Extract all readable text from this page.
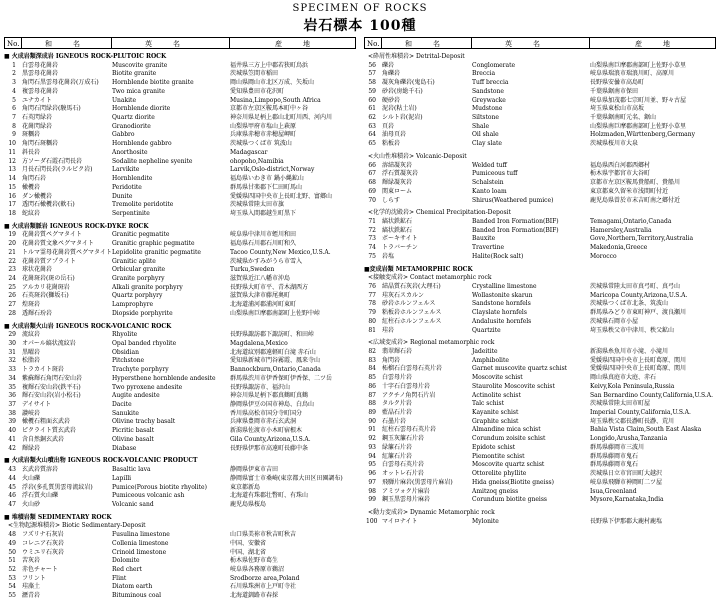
SPECIMEN OF ROCKS
岩石標本 100種
No.	和　　　名	英　　　名	産　　　地	No.	和　　　名	英　　　名	産　　　地
■ 火成岩類深成岩 IGNEOUS ROCK-PLUTOIC ROCK
1 白雲母花崗岩	Muscovite granite	福井県三方上中郡若狭町鳥浜
2 黒雲母花崗岩	Biotite granite	茨城県笠間市稲田
3 角閃石黒雲母花崗岩(万成石)	Hornblende biotite granite	岡山県岡山市北区万成、矢坂山
4 複雲母花崗岩	Two mica granite	愛知県豊田市花沢町
5 ユナカイト	Unakite	Musina,Limpopo,South Africa
6 角閃石閃緑岩(駿馬石)	Hornblende diorite	京都市左京区鞍馬本町中ヶ谷
7 石英閃緑岩	Quartz diorite	神奈川県足柄上郡山北町川西、河内川
8 花崗閃緑岩	Granodiorite	山梨県甲府市塩山上萩原
9 斑糲岩	Gabbro	兵庫県赤穂市赤穂屋岬町
10 角閃石斑糲岩	Hornblende gabbro	茨城県つくば市 筑波山
11 斜長岩	Anorthosite	Madagascar
12 方ソーダ石霞石閃長岩	Sodalite nepheline syenite	ohopoho,Namibia
13 月長石閃長岩(ラルビク岩)	Larvikite	Larvik,Oslo-district,Norway
14 角閃石岩	Hornblendite	福島県いわき市 鍋小縄鉱山
15 橄欖岩	Peridotite	群馬県甘楽郡下仁田町馬山
16 ダン橄欖岩	Dunite	愛媛県四国中央市上長町北野、富郷山
17 透閃石橄欖岩(軟石)	Tremolite peridotite	茨城県常陸太田市旗
18 蛇紋岩	Serpentinite	埼玉県入間郡越生町黒下
■ 火成岩類脈岩 IGNEOUS ROCK-DYKE ROCK
19 花崗岩質ペグマタイト	Granitic pegmatite	岐阜県中津川市蛭川和田
20 花崗岩質文象ペグマタイト	Granitic graphic pegmatite	福島県石川郡石川町和久
21 トルマ霊母花崗岩質ペグマタイト Lepidolite granitic pegmatite	Tacoo County,New Mexico,U.S.A.
22 花崗岩質アプライト	Granitic aplite	茨城県かすみがうら市雪入
23 球状花崗岩	Orbicular granite	Turku,Sweden
24 花崗斑岩(斑の岳石)	Granite porphyry	滋賀県近江八幡市沖島
25 アルカリ花崗斑岩	Alkali granite porphyry	長野県大町市平、青木湖西方
26 石英斑岩(獅坂石)	Quartz porphyry	滋賀県大津市藤尾奥町
27 煌斑岩	Lamprophyre	北海道浦河郡浦河町東町
28 透輝石玢岩	Diopside porphyrite	山梨県南巨摩郡南部町上佐野中峠
■ 火成岩類火山岩 IGNEOUS ROCK-VOLCANIC ROCK
29 流紋岩	Rhyolite	長野県諏訪郡下諏訪町、和田峠
30 オパール縞状流紋岩	Opal banded rhyolite	Magdalena,Mexico
31 黒曜岩	Obsidian	北海道紋別郡遠軽町白滝 赤石山
32 松脂岩	Pitchstone	愛知県新城市門谷霧霞、鳳来寺山
33 トラカイト斑岩	Trachyte porphyry	Bannockburn,Ontario,Canada
34 紫蘇輝石角閃石安山岩	Hypersthene hornblende andesite	群馬県渋川市伊香保町伊香保、二ツ岳
35 複輝石安山岩(鉄平石)	Two pyroxene andesite	長野県諏訪市、福沢山
36 輝石安山岩(岩小松石)	Augite andesite	神奈川県足柄下郡真鶴町真鶴
37 デイサイト	Dacite	静岡県伊豆の国市神島、白鳥山
38 讃岐岩	Sanukite	香川県高松市国分寺町国分
39 橄欖石粗面玄武岩	Olivine trachy basalt	兵庫県豊岡市赤石玄武洞
40 ピクライト質玄武岩	Picritic basalt	新潟県佐渡市小木町宿根木
41 含自然銅玄武岩	Olivine basalt	Gila County,Arizona,U.S.A.
42 輝緑岩	Diabase	長野県伊那市高遠町長藤中条
■ 火成岩類火山噴出物 IGNEOUS ROCK-VOLCANIC PRODUCT
43 玄武岩質溶岩	Basaltic lava	静岡県伊東市吉田
44 火山礫	Lapilli	静岡県富士市桑崎(東京都大田区田園調布)
45 浮岩(多孔質黒雲母流紋岩)	Pumice(Porous biotite rhyolite)	東京都新島
46 浮石質火山礫	Pumiceous volcanic ash	北海道有珠郡壮瞥町、有珠山
47 火山砂	Volcanic sand	鹿児島県桜島
■ 堆積岩類 SEDIMENTARY ROCK
<生物起源堆積岩> Biotic Sedimentary-Deposit
48 フズリナ石灰岩	Fusulina limestone	山口県美祢市秋吉町秋吉
49 コレニア石灰岩	Collenia limestone	中国、安徽省
50 ウミユリ石灰岩	Crinoid limestone	中国、湖北省
51 苦灰岩	Dolomite	栃木県佐野市葛生
52 赤色チャート	Red chert	岐阜県各務原市鵜沼
53 フリント	Flint	Srodborze area,Poland
54 珪藻土	Diatom earth	石川県珠洲市上戸町寺社
55 瀝青岩	Bituminous coal	北海道釧路市春採
<砕屑性堆積岩> Detrital-Deposit
56 礫岩	Conglomerate	山梨県南巨摩郡南部町上佐野小草里
57 角礫岩	Breccia	岐阜県瑞浪市瑞浪川町、高原川
58 凝灰角礫岩(鬼島石)	Tuff breccia	長野県安曇市高島町
59 砂岩(房総千石)	Sandstone	千葉県鋸南市保田
60 硬砂岩	Greywacke	岐阜県加茂郡七宗町川並、野々古屋
61 泥岩(粘土岩)	Mudstone	埼玉県東松山市高坂
62 シルト岩(泥岩)	Siltstone	千葉県鋸南町元名、鋸山
63 頁岩	Shale	山梨県南巨摩郡南部町上佐野小草里
64 油母頁岩	Oil shale	Holzmaden,Württenberg,Germany
65 粘板岩	Clay slate	茨城県桜川市大泉
<火山性堆積岩> Volcanic-Deposit
66 溶結凝灰岩	Welded tuff	福島県西白河郡西郷村
67 浮石質凝灰岩	Pumiceous tuff	栃木県宇都宮市大谷町
68 輝緑凝灰岩	Schalstein	京都市左京区鞍馬貴船町、貴船川
69 関東ローム	Kanto loam	東京都東久留米市浅間町付近
70 しらす	Shirus(Weathered pumice)	鹿児島県曽於市末吉町南之郷付近
<化学的沈殿岩> Chemical Precipitation-Deposit
71 縞状鉄鉱石	Banded Iron Formation(BIF)	Temagami,Ontario,Canada
72 縞状鉄鉱石	Banded Iron Formation(BIF)	Hamersley,Australia
73 ボーキサイト	Bauxite	Gove,Northern,Territory,Australia
74 トラバーチン	Travertine	Makedonia,Greece
75 岩塩	Halite(Rock salt)	Morocco
■変成岩類 METAMORPHIC ROCK
<接触変成岩> Contact metamorphic rock
76 結晶質石灰岩(大理石)	Crystalline limestone	茨城県常陸太田市真弓町、真弓山
77 珪灰石スカルン	Wollastonite skarun	Maricopa County,Arizona,U.S.A.
78 砂岩ホルンフェルス	Sandstone hornfels	茨城県つくば市北条、筑波山
79 粘板岩ホルンフェルス	Clayslate hornfels	群馬県みどり市東町神戸、渡良瀬川
80 紅柱石ホルンフェルス	Andalusite hornfels	茨城県石岡市小屋
81 珪岩	Quartzite	埼玉県秩父市中津川、秩父鉱山
<広域変成岩> Regional metamorphic rock
82 翡翠輝石岩	Jadeitite	新潟県糸魚川市小滝、小滝川
83 角閃岩	Amphibolite	愛媛県四国中央市上長町葛原、関川
84 柘榴石白雲母石英片岩	Garnet muscovite quartz schist	愛媛県四国中央市上長町葛原、関川
85 白雲母片岩	Moscovite schist	岡山県真庭市大庭、赤石
86 十字石白雲母片岩	Staurolite Moscovite schist	Keivy,Kola Peninsula,Russia
87 アクチノ角閃石片岩	Actinolite schist	San Bernardino County,California,U.S.A.
88 タルク片岩	Talc schist	茨城県常陸太田市町屋
89 藍晶石片岩	Kayanite schist	Imperial County,California,U.S.A.
90 石墨片岩	Graphite schist	埼玉県秩父郡長瀞町長瀞、荒川
91 紅柱石雲母石英片岩	Almandine mica schist	Bahia Vista Claim,South East Alaska
92 鋼玉灰簾石片岩	Corundum zoisite schist	Longido,Arusha,Tanzania
93 緑簾石片岩	Epidote schist	群馬県藤岡市三波川
94 紅簾石片岩	Piemontite schist	群馬県藤岡市鬼石
95 白雲母石英片岩	Moscovite quartz schist	群馬県藤岡市鬼石
96 オットレ石片岩	Ottorelite phyllite	茨城県日立市宮田町大越沢
97 飛騨片麻岩(黒雲母片麻岩)	Hida gneiss(Biotite gneiss)	岐阜県飛騨市神岡町二ツ屋
98 アミツォク片麻岩	Amitzoq gneiss	Isua,Greenland
99 鋼玉黒雲母片麻岩	Corundum biotite gneiss	Mysore,Karnataka,India
<動力変成岩> Dynamic Metamorphic rock
100 マイロナイト	Mylonite	長野県下伊那郡大鹿村鹿塩
